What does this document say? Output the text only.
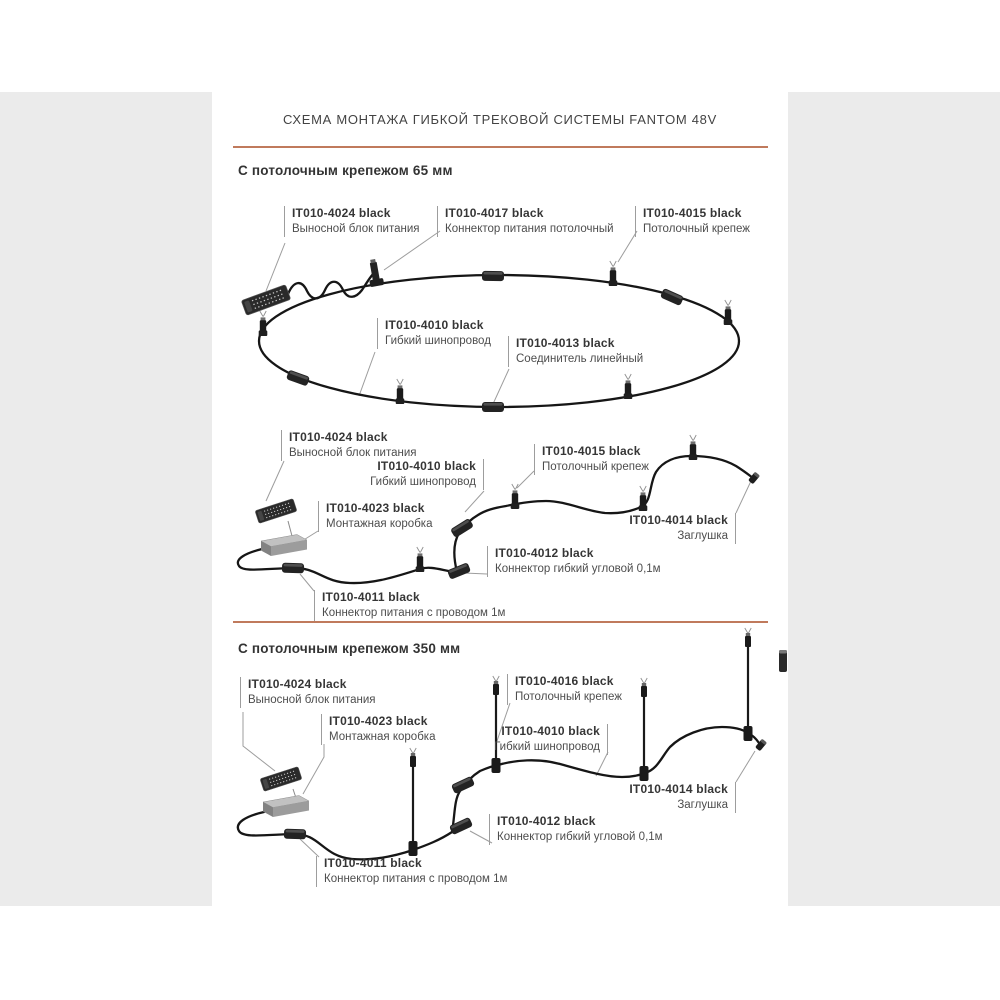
СХЕМА МОНТАЖА ГИБКОЙ ТРЕКОВОЙ СИСТЕМЫ FANTOM 48V
С потолочным крепежом 65 мм
С потолочным крепежом 350 мм
IT010-4024 black
Выносной блок питания
IT010-4017 black
Коннектор питания потолочный
IT010-4015 black
Потолочный крепеж
IT010-4010 black
Гибкий шинопровод IT010-4013 black
Соединитель линейный
IT010-4024 black
Выносной блок питания
IT010-4010 black
Гибкий шинопровод
IT010-4015 black
Потолочный крепеж
IT010-4023 black
Монтажная коробка	IT010-4014 black
Заглушка
IT010-4012 black
Коннектор гибкий угловой 0,1м
IT010-4011 black
Коннектор питания с проводом 1м
IT010-4024 black
Выносной блок питания
IT010-4023 black
Монтажная коробка
IT010-4016 black
Потолочный крепеж
IT010-4010 black
Гибкий шинопровод
IT010-4012 black
Коннектор гибкий угловой 0,1м
IT010-4014 black
Заглушка
IT010-4011 black
Коннектор питания с проводом 1м
